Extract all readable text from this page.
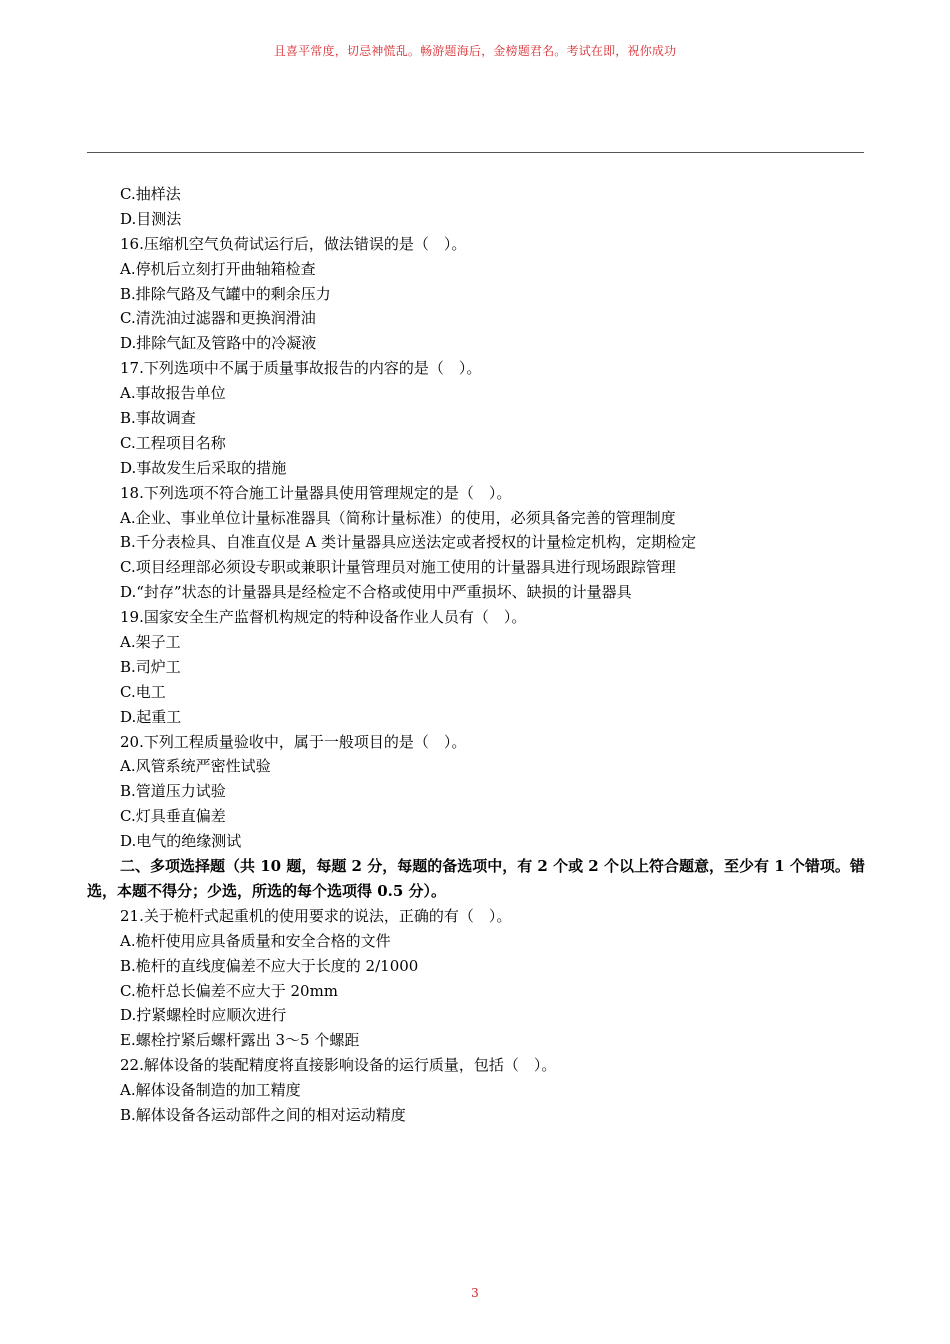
且喜平常度，切忌神慌乱。畅游题海后，金榜题君名。考试在即，祝你成功
C.抽样法
D.目测法
16.压缩机空气负荷试运行后，做法错误的是（　）。
A.停机后立刻打开曲轴箱检查
B.排除气路及气罐中的剩余压力
C.清洗油过滤器和更换润滑油
D.排除气缸及管路中的冷凝液
17.下列选项中不属于质量事故报告的内容的是（　）。
A.事故报告单位
B.事故调查
C.工程项目名称
D.事故发生后采取的措施
18.下列选项不符合施工计量器具使用管理规定的是（　）。
A.企业、事业单位计量标准器具（简称计量标准）的使用，必须具备完善的管理制度
B.千分表检具、自准直仪是 A 类计量器具应送法定或者授权的计量检定机构，定期检定
C.项目经理部必须设专职或兼职计量管理员对施工使用的计量器具进行现场跟踪管理
D.“封存”状态的计量器具是经检定不合格或使用中严重损坏、缺损的计量器具
19.国家安全生产监督机构规定的特种设备作业人员有（　）。
A.架子工
B.司炉工
C.电工
D.起重工
20.下列工程质量验收中，属于一般项目的是（　）。
A.风管系统严密性试验
B.管道压力试验
C.灯具垂直偏差
D.电气的绝缘测试
二、多项选择题（共 10 题，每题 2 分，每题的备选项中，有 2 个或 2 个以上符合题意，至少有 1 个错项。错选，本题不得分；少选，所选的每个选项得 0.5 分）。
21.关于桅杆式起重机的使用要求的说法，正确的有（　）。
A.桅杆使用应具备质量和安全合格的文件
B.桅杆的直线度偏差不应大于长度的 2/1000
C.桅杆总长偏差不应大于 20mm
D.拧紧螺栓时应顺次进行
E.螺栓拧紧后螺杆露出 3～5 个螺距
22.解体设备的装配精度将直接影响设备的运行质量，包括（　）。
A.解体设备制造的加工精度
B.解体设备各运动部件之间的相对运动精度
3
